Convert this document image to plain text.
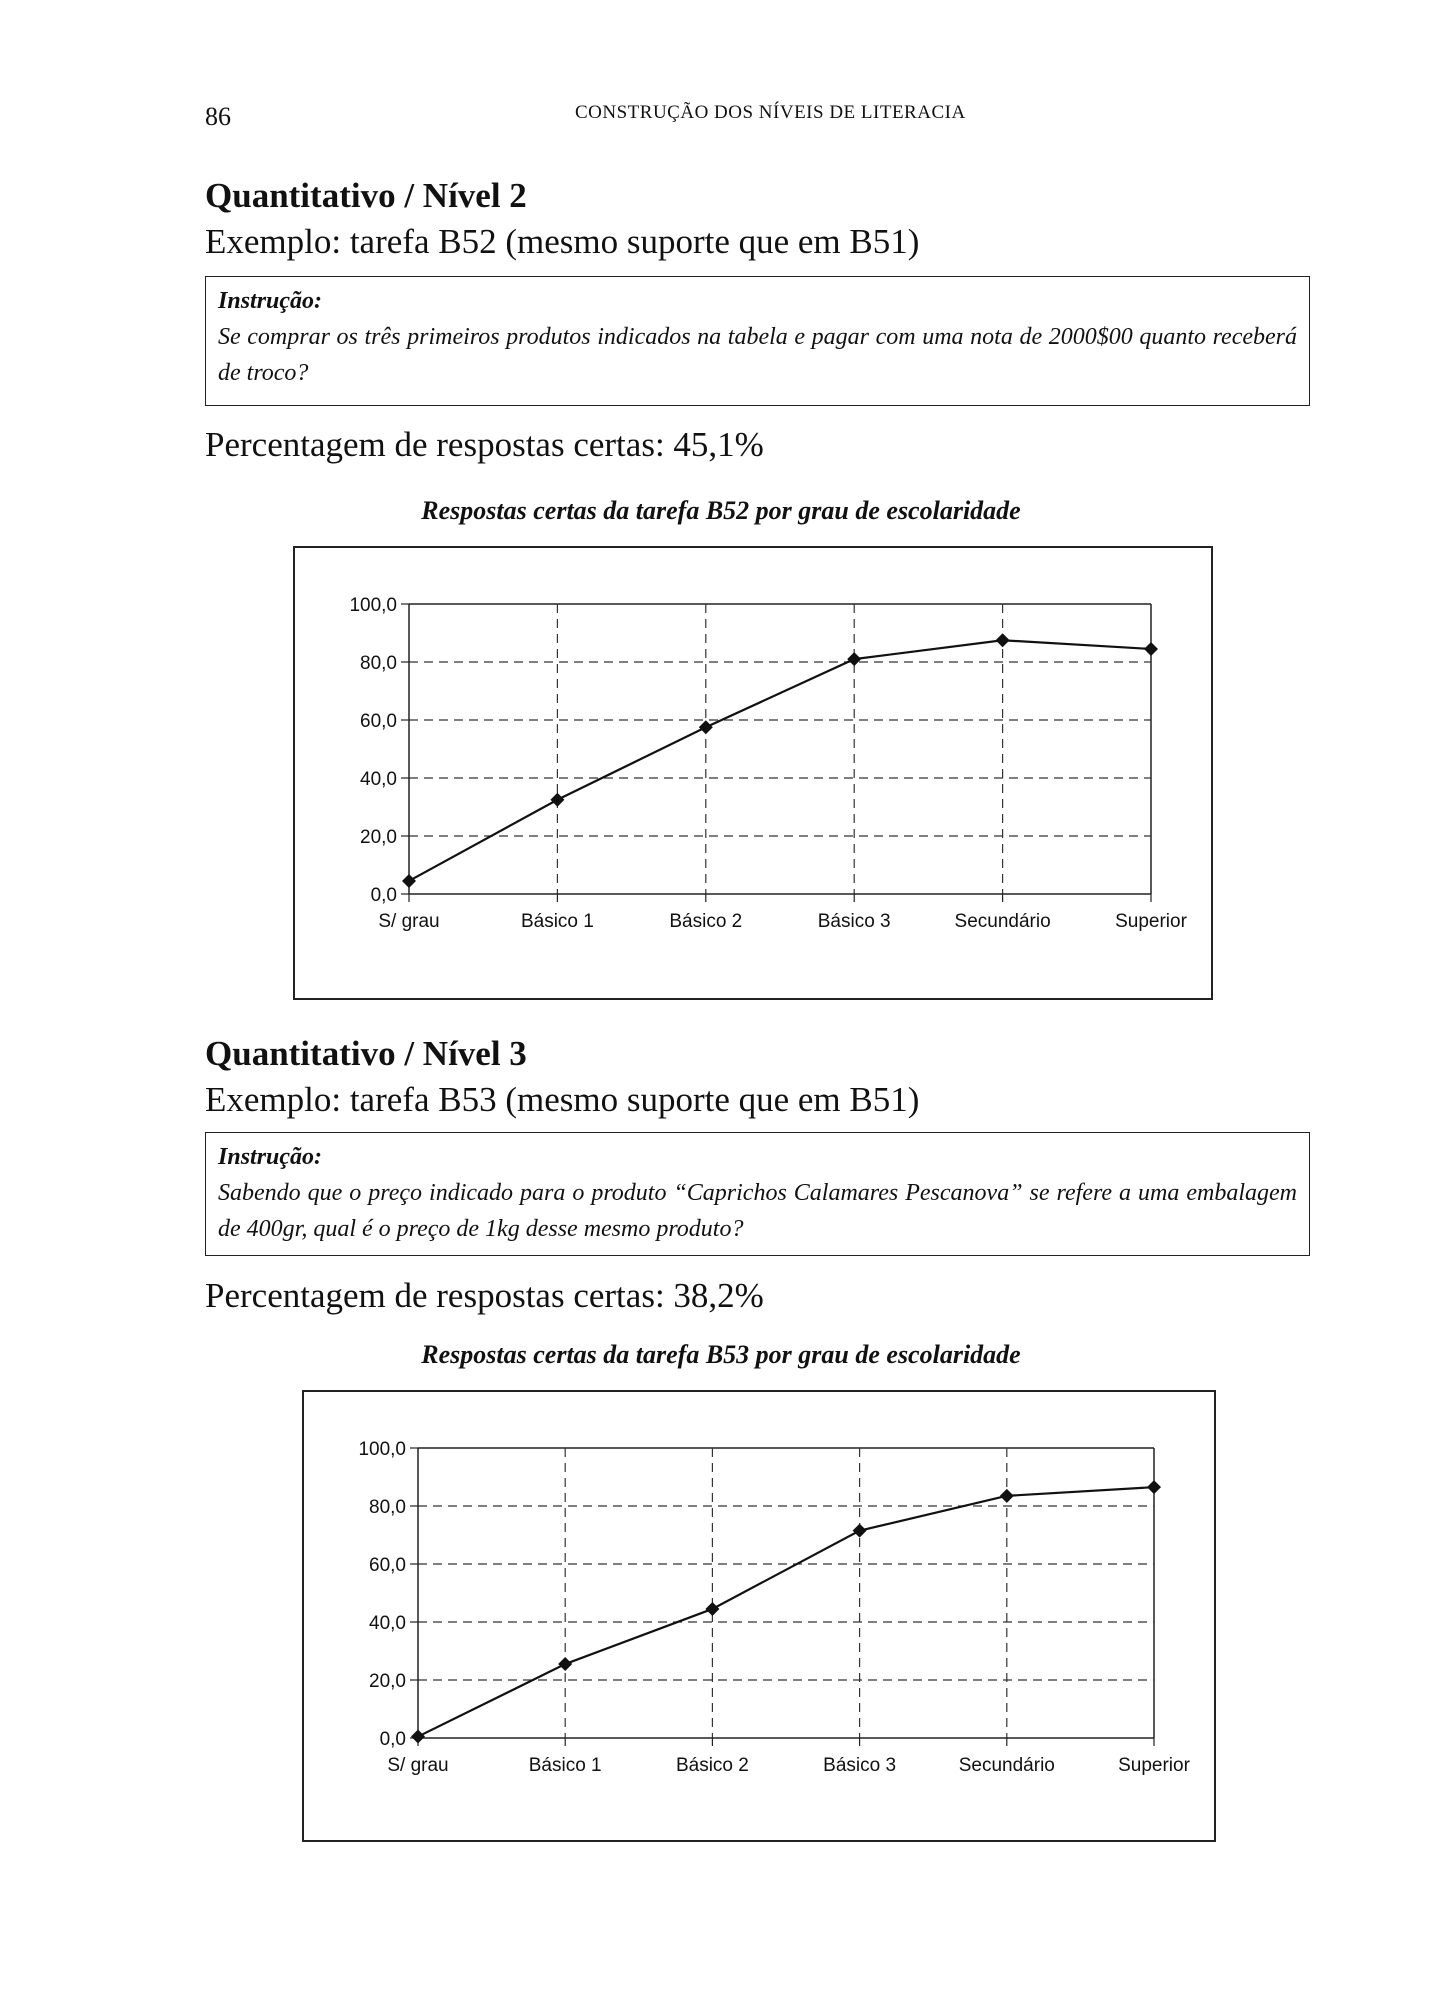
86	CONSTRUÇÃO DOS NÍVEIS DE LITERACIA
Quantitativo / Nível 2
Exemplo: tarefa B52 (mesmo suporte que em B51)
Instrução:
Se comprar os três primeiros produtos indicados na tabela e pagar com uma nota de 2000$00 quanto receberá de troco?
Percentagem de respostas certas: 45,1%
Respostas certas da tarefa B52 por grau de escolaridade
0,0
20,0
40,0
60,0
80,0
100,0
S/ grau	Básico 1	Básico 2	Básico 3	Secundário	Superior
Quantitativo / Nível 3
Exemplo: tarefa B53 (mesmo suporte que em B51)
Instrução:
Sabendo que o preço indicado para o produto “Caprichos Calamares Pescanova” se refere a uma embalagem de 400gr, qual é o preço de 1kg desse mesmo produto?
Percentagem de respostas certas: 38,2%
Respostas certas da tarefa B53 por grau de escolaridade
0,0
20,0
40,0
60,0
80,0
100,0
S/ grau	Básico 1	Básico 2	Básico 3	Secundário	Superior
